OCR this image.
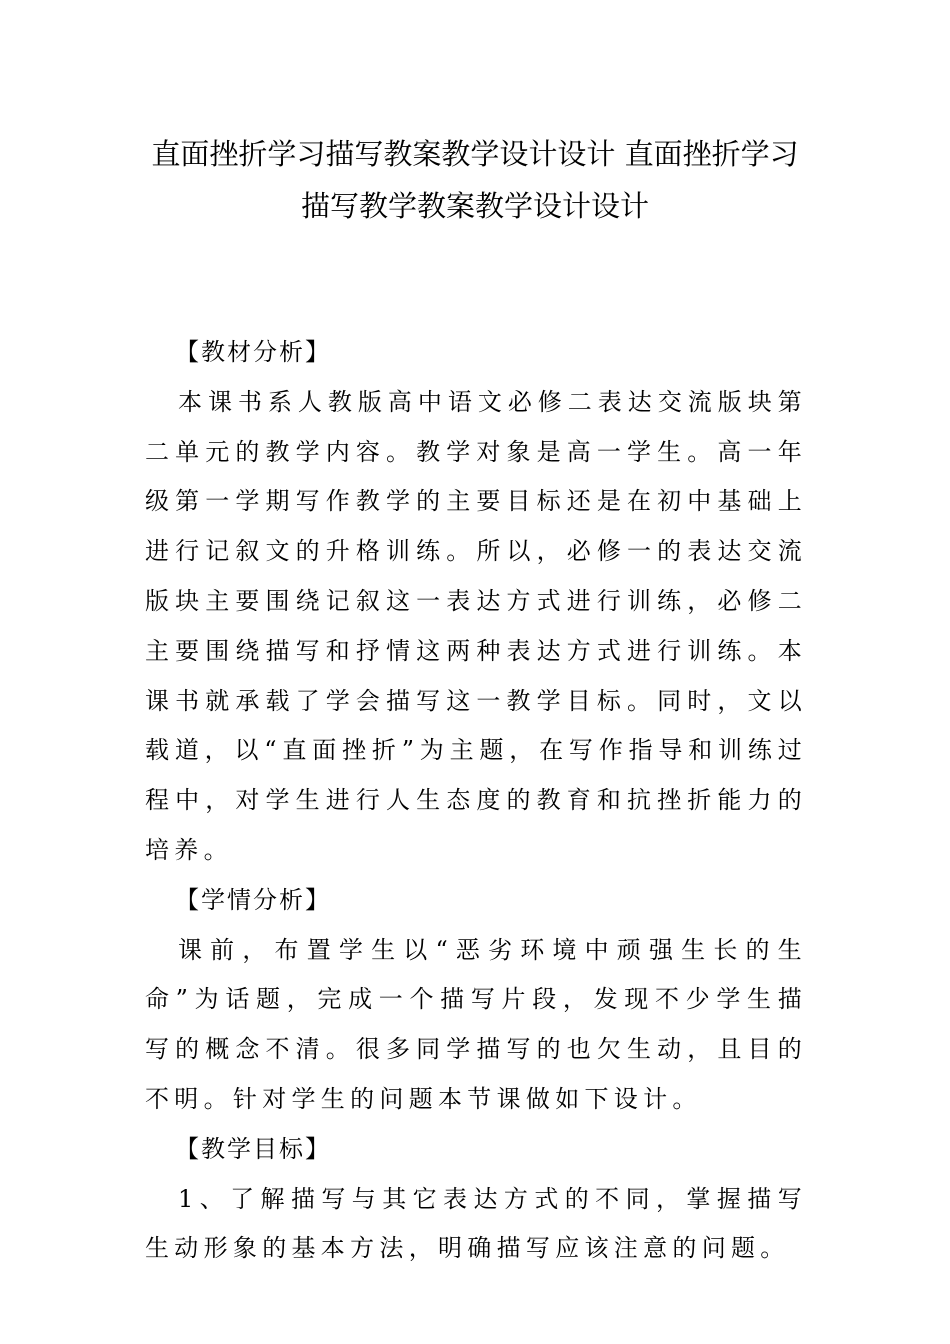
直面挫折学习描写教案教学设计设计 直面挫折学习
描写教学教案教学设计设计

【教材分析】

本课书系人教版高中语文必修二表达交流版块第二单元的教学内容。教学对象是高一学生。高一年级第一学期写作教学的主要目标还是在初中基础上进行记叙文的升格训练。所以，必修一的表达交流版块主要围绕记叙这一表达方式进行训练，必修二主要围绕描写和抒情这两种表达方式进行训练。本课书就承载了学会描写这一教学目标。同时，文以载道，以“直面挫折”为主题，在写作指导和训练过程中，对学生进行人生态度的教育和抗挫折能力的培养。

【学情分析】

课前，布置学生以“恶劣环境中顽强生长的生命”为话题，完成一个描写片段，发现不少学生描写的概念不清。很多同学描写的也欠生动，且目的不明。针对学生的问题本节课做如下设计。

【教学目标】

1、了解描写与其它表达方式的不同，掌握描写生动形象的基本方法，明确描写应该注意的问题。
